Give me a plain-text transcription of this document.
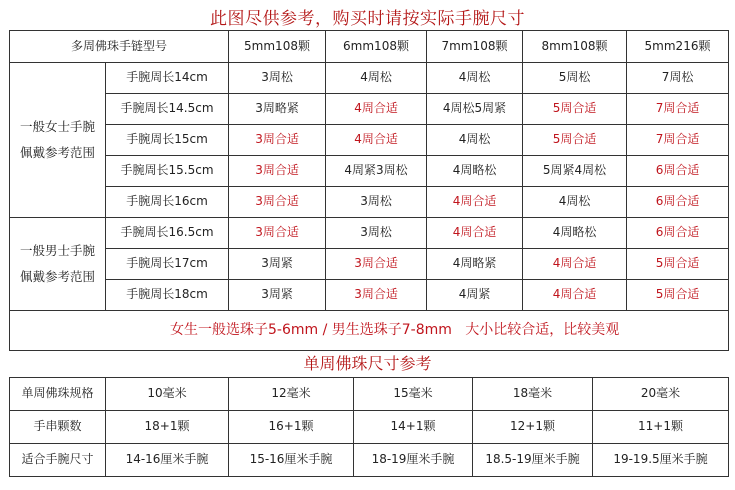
此图尽供参考，购买时请按实际手腕尺寸
多周佛珠手链型号		5mm108颗	6mm108颗	7mm108颗	8mm108颗	5mm216颗

一般女士手腕
佩戴参考范围	手腕周长14cm	3周松	4周松	4周松	5周松	7周松
	手腕周长14.5cm	3周略紧	4周合适	4周松5周紧	5周合适	7周合适
	手腕周长15cm	3周合适	4周合适	4周松	5周合适	7周合适
	手腕周长15.5cm	3周合适	4周紧3周松	4周略松	5周紧4周松	6周合适
	手腕周长16cm	3周合适	3周松	4周合适	4周松	6周合适

一般男士手腕
佩戴参考范围	手腕周长16.5cm	3周合适	3周松	4周合适	4周略松	6周合适
	手腕周长17cm	3周紧	3周合适	4周略紧	4周合适	5周合适
	手腕周长18cm	3周紧	3周合适	4周紧	4周合适	5周合适
女生一般选珠子5-6mm / 男生选珠子7-8mm   大小比较合适，比较美观						
单周佛珠尺寸参考
单周佛珠规格	10毫米	12毫米	15毫米	18毫米	20毫米
手串颗数	18+1颗	16+1颗	14+1颗	12+1颗	11+1颗
适合手腕尺寸	14-16厘米手腕	15-16厘米手腕	18-19厘米手腕	18.5-19厘米手腕	19-19.5厘米手腕
